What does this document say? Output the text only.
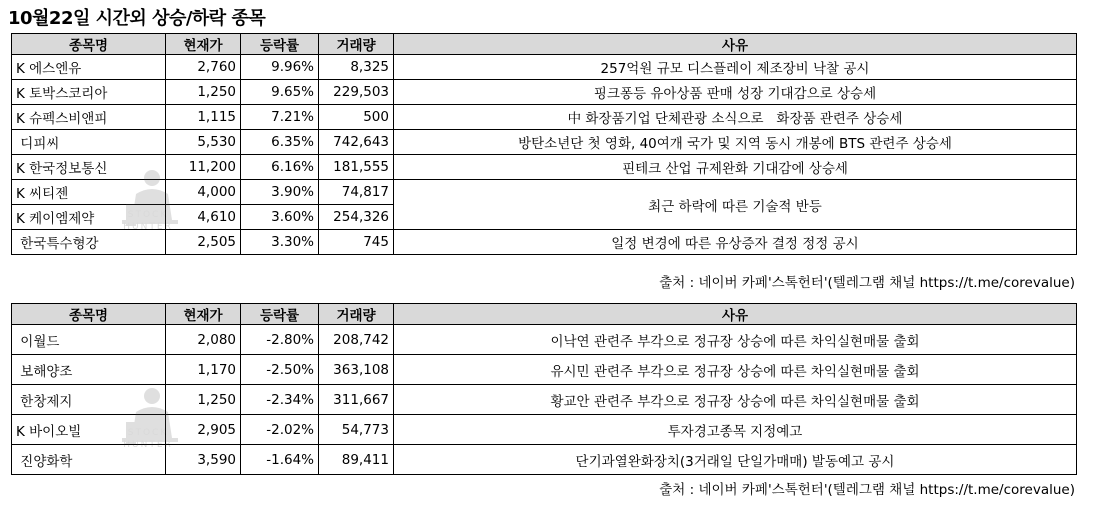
10월22일 시간외 상승/하락 종목
종목명	현재가	등락률	거래량	사유
K 에스엔유	2,760	9.96%	8,325	257억원 규모 디스플레이 제조장비 낙찰 공시
K 토박스코리아	1,250	9.65%	229,503	핑크퐁등 유아상품 판매 성장 기대감으로 상승세
K 슈펙스비앤피	1,115	7.21%	500	中 화장품기업 단체관광 소식으로   화장품 관련주 상승세
디피씨	5,530	6.35%	742,643	방탄소년단 첫 영화, 40여개 국가 및 지역 동시 개봉에 BTS 관련주 상승세
K 한국정보통신	11,200	6.16%	181,555	핀테크 산업 규제완화 기대감에 상승세
K 씨티젠	4,000	3.90%	74,817	최근 하락에 따른 기술적 반등
K 케이엠제약	4,610	3.60%	254,326	
한국특수형강	2,505	3.30%	745	일정 변경에 따른 유상증자 결정 정정 공시
출처 : 네이버 카페'스톡헌터'(텔레그램 채널 https://t.me/corevalue)
종목명	현재가	등락률	거래량	사유
이월드	2,080	-2.80%	208,742	이낙연 관련주 부각으로 정규장 상승에 따른 차익실현매물 출회
보해양조	1,170	-2.50%	363,108	유시민 관련주 부각으로 정규장 상승에 따른 차익실현매물 출회
한창제지	1,250	-2.34%	311,667	황교안 관련주 부각으로 정규장 상승에 따른 차익실현매물 출회
K 바이오빌	2,905	-2.02%	54,773	투자경고종목 지정예고
진양화학	3,590	-1.64%	89,411	단기과열완화장치(3거래일 단일가매매) 발동예고 공시
출처 : 네이버 카페'스톡헌터'(텔레그램 채널 https://t.me/corevalue)
STOCK
HUNTER
STOCK
HUNTER
